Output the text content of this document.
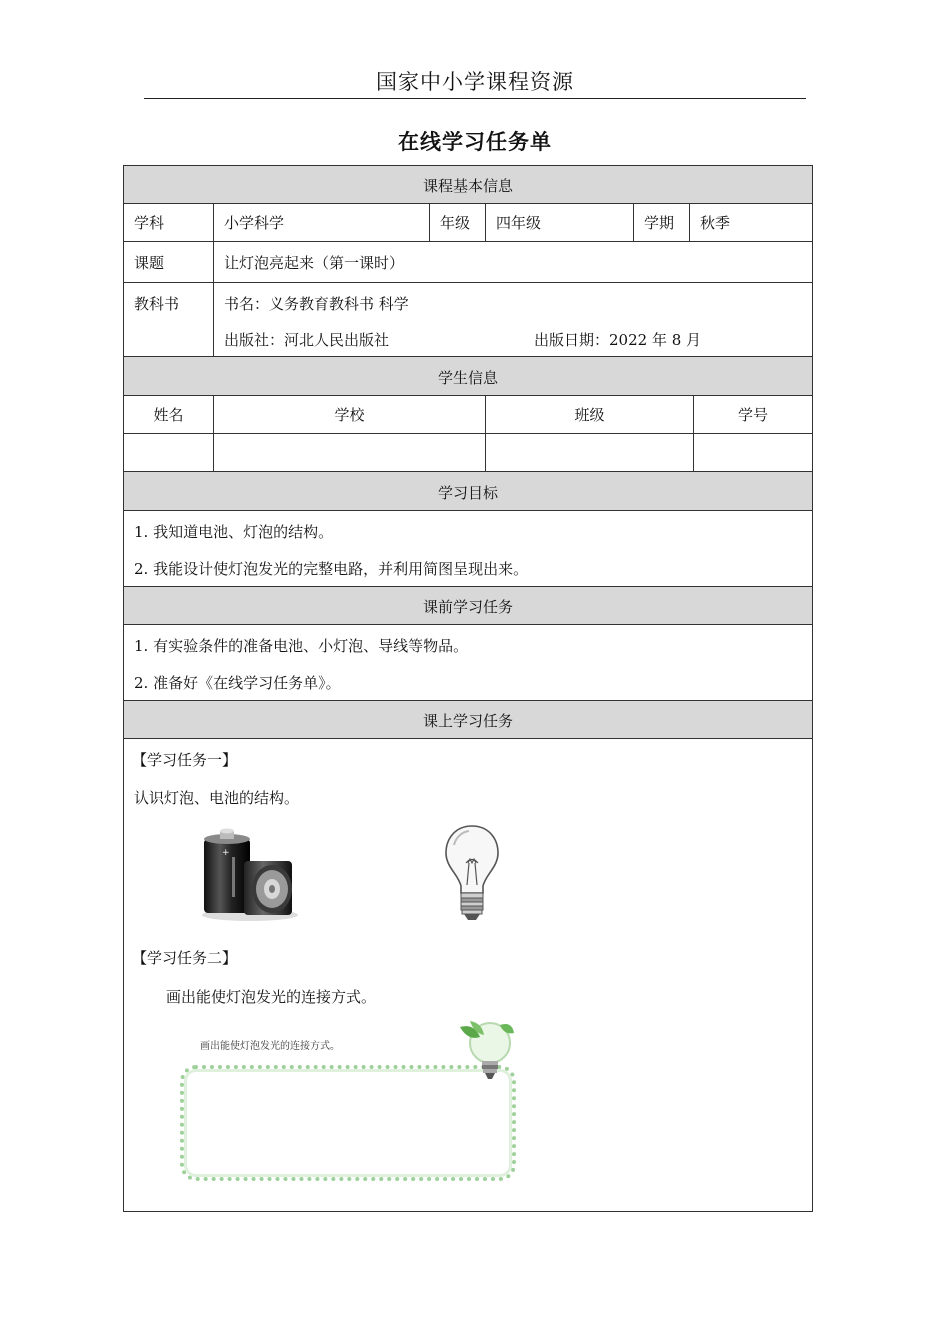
国家中小学课程资源
在线学习任务单
课程基本信息
学科	小学科学	年级 四年级	学期 秋季
课题	让灯泡亮起来（第一课时）
教科书	书名：义务教育教科书 科学
出版社：河北人民出版社	出版日期：2022 年 8 月
学生信息
姓名	学校	班级	学号
学习目标
1. 我知道电池、灯泡的结构。
2. 我能设计使灯泡发光的完整电路，并利用简图呈现出来。
课前学习任务
1. 有实验条件的准备电池、小灯泡、导线等物品。
2. 准备好《在线学习任务单》。
课上学习任务
【学习任务一】
认识灯泡、电池的结构。
+
【学习任务二】
画出能使灯泡发光的连接方式。
画出能使灯泡发光的连接方式。
